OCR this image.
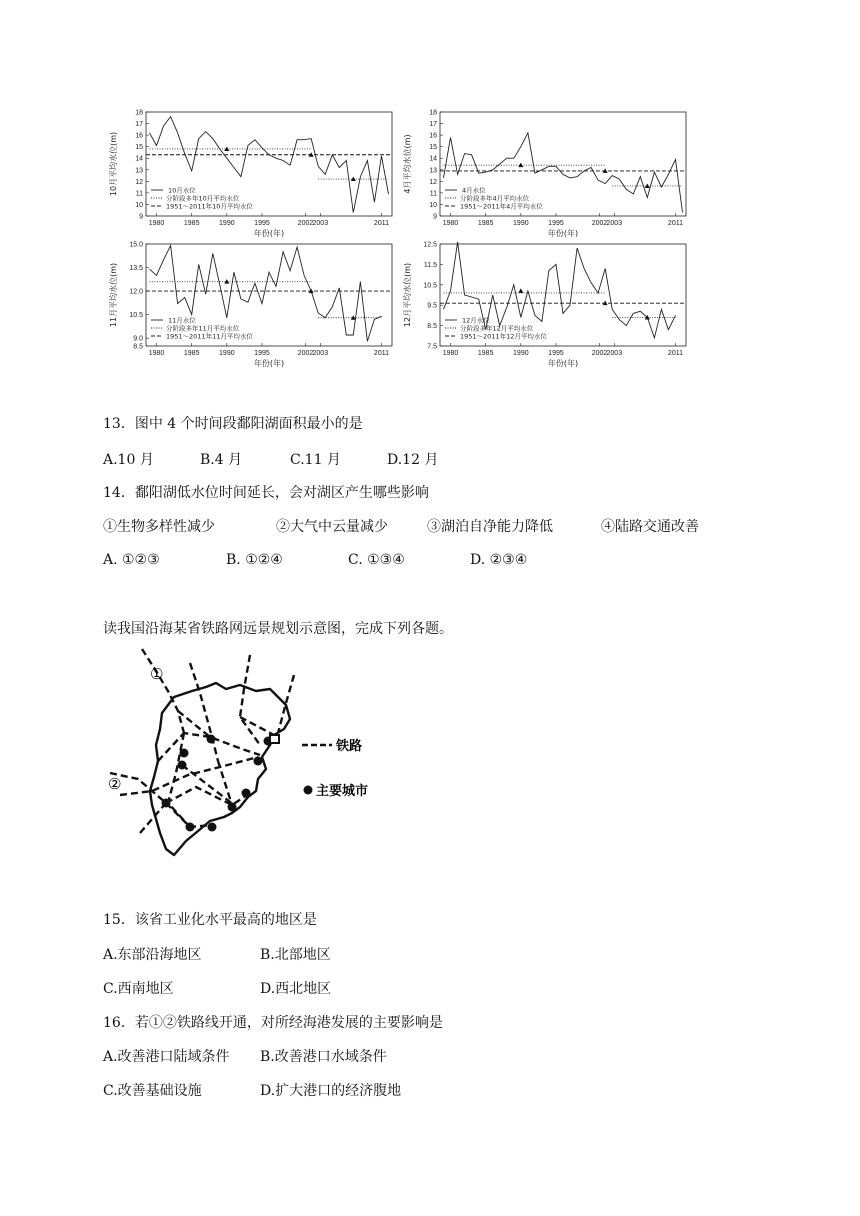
18
17
16
15
14
13
12
11
10
9
1980	1985	1990	1995	2002 2003	2011
年份(年)
10月平均水位(m)	10月水位
分阶段多年10月平均水位
1951～2011年10月平均水位
18
17
16
15
14
13
12
11
10
9
1980	1985	1990	1995	2002 2003	2011
年份(年)
4月平均水位(m)	4月水位
分阶段多年4月平均水位
1951～2011年4月平均水位
15.0
13.5
12.0
10.5
9.0
8.5
1980	1985	1990	1995	2002 2003	2011
年份(年)
11月平均水位(m)	11月水位
分阶段多年11月平均水位
1951～2011年11月平均水位
12.5
11.5
10.5
9.5
8.5
7.5
1980	1985	1990	1995	2002 2003	2011
年份(年)
12月平均水位(m)	12月水位
分阶段多年12月平均水位
1951～2011年12月平均水位
13．图中 4 个时间段鄱阳湖面积最小的是
A.10 月	B.4 月	C.11 月	D.12 月
14．鄱阳湖低水位时间延长，会对湖区产生哪些影响
①生物多样性减少	②大气中云量减少	③湖泊自净能力降低	④陆路交通改善
A. ①②③	B. ①②④	C. ①③④	D. ②③④
读我国沿海某省铁路网远景规划示意图，完成下列各题。
①
②
铁路
主要城市
15．该省工业化水平最高的地区是
A.东部沿海地区	B.北部地区
C.西南地区	D.西北地区
16．若①②铁路线开通，对所经海港发展的主要影响是
A.改善港口陆域条件 B.改善港口水域条件
C.改善基础设施	D.扩大港口的经济腹地
